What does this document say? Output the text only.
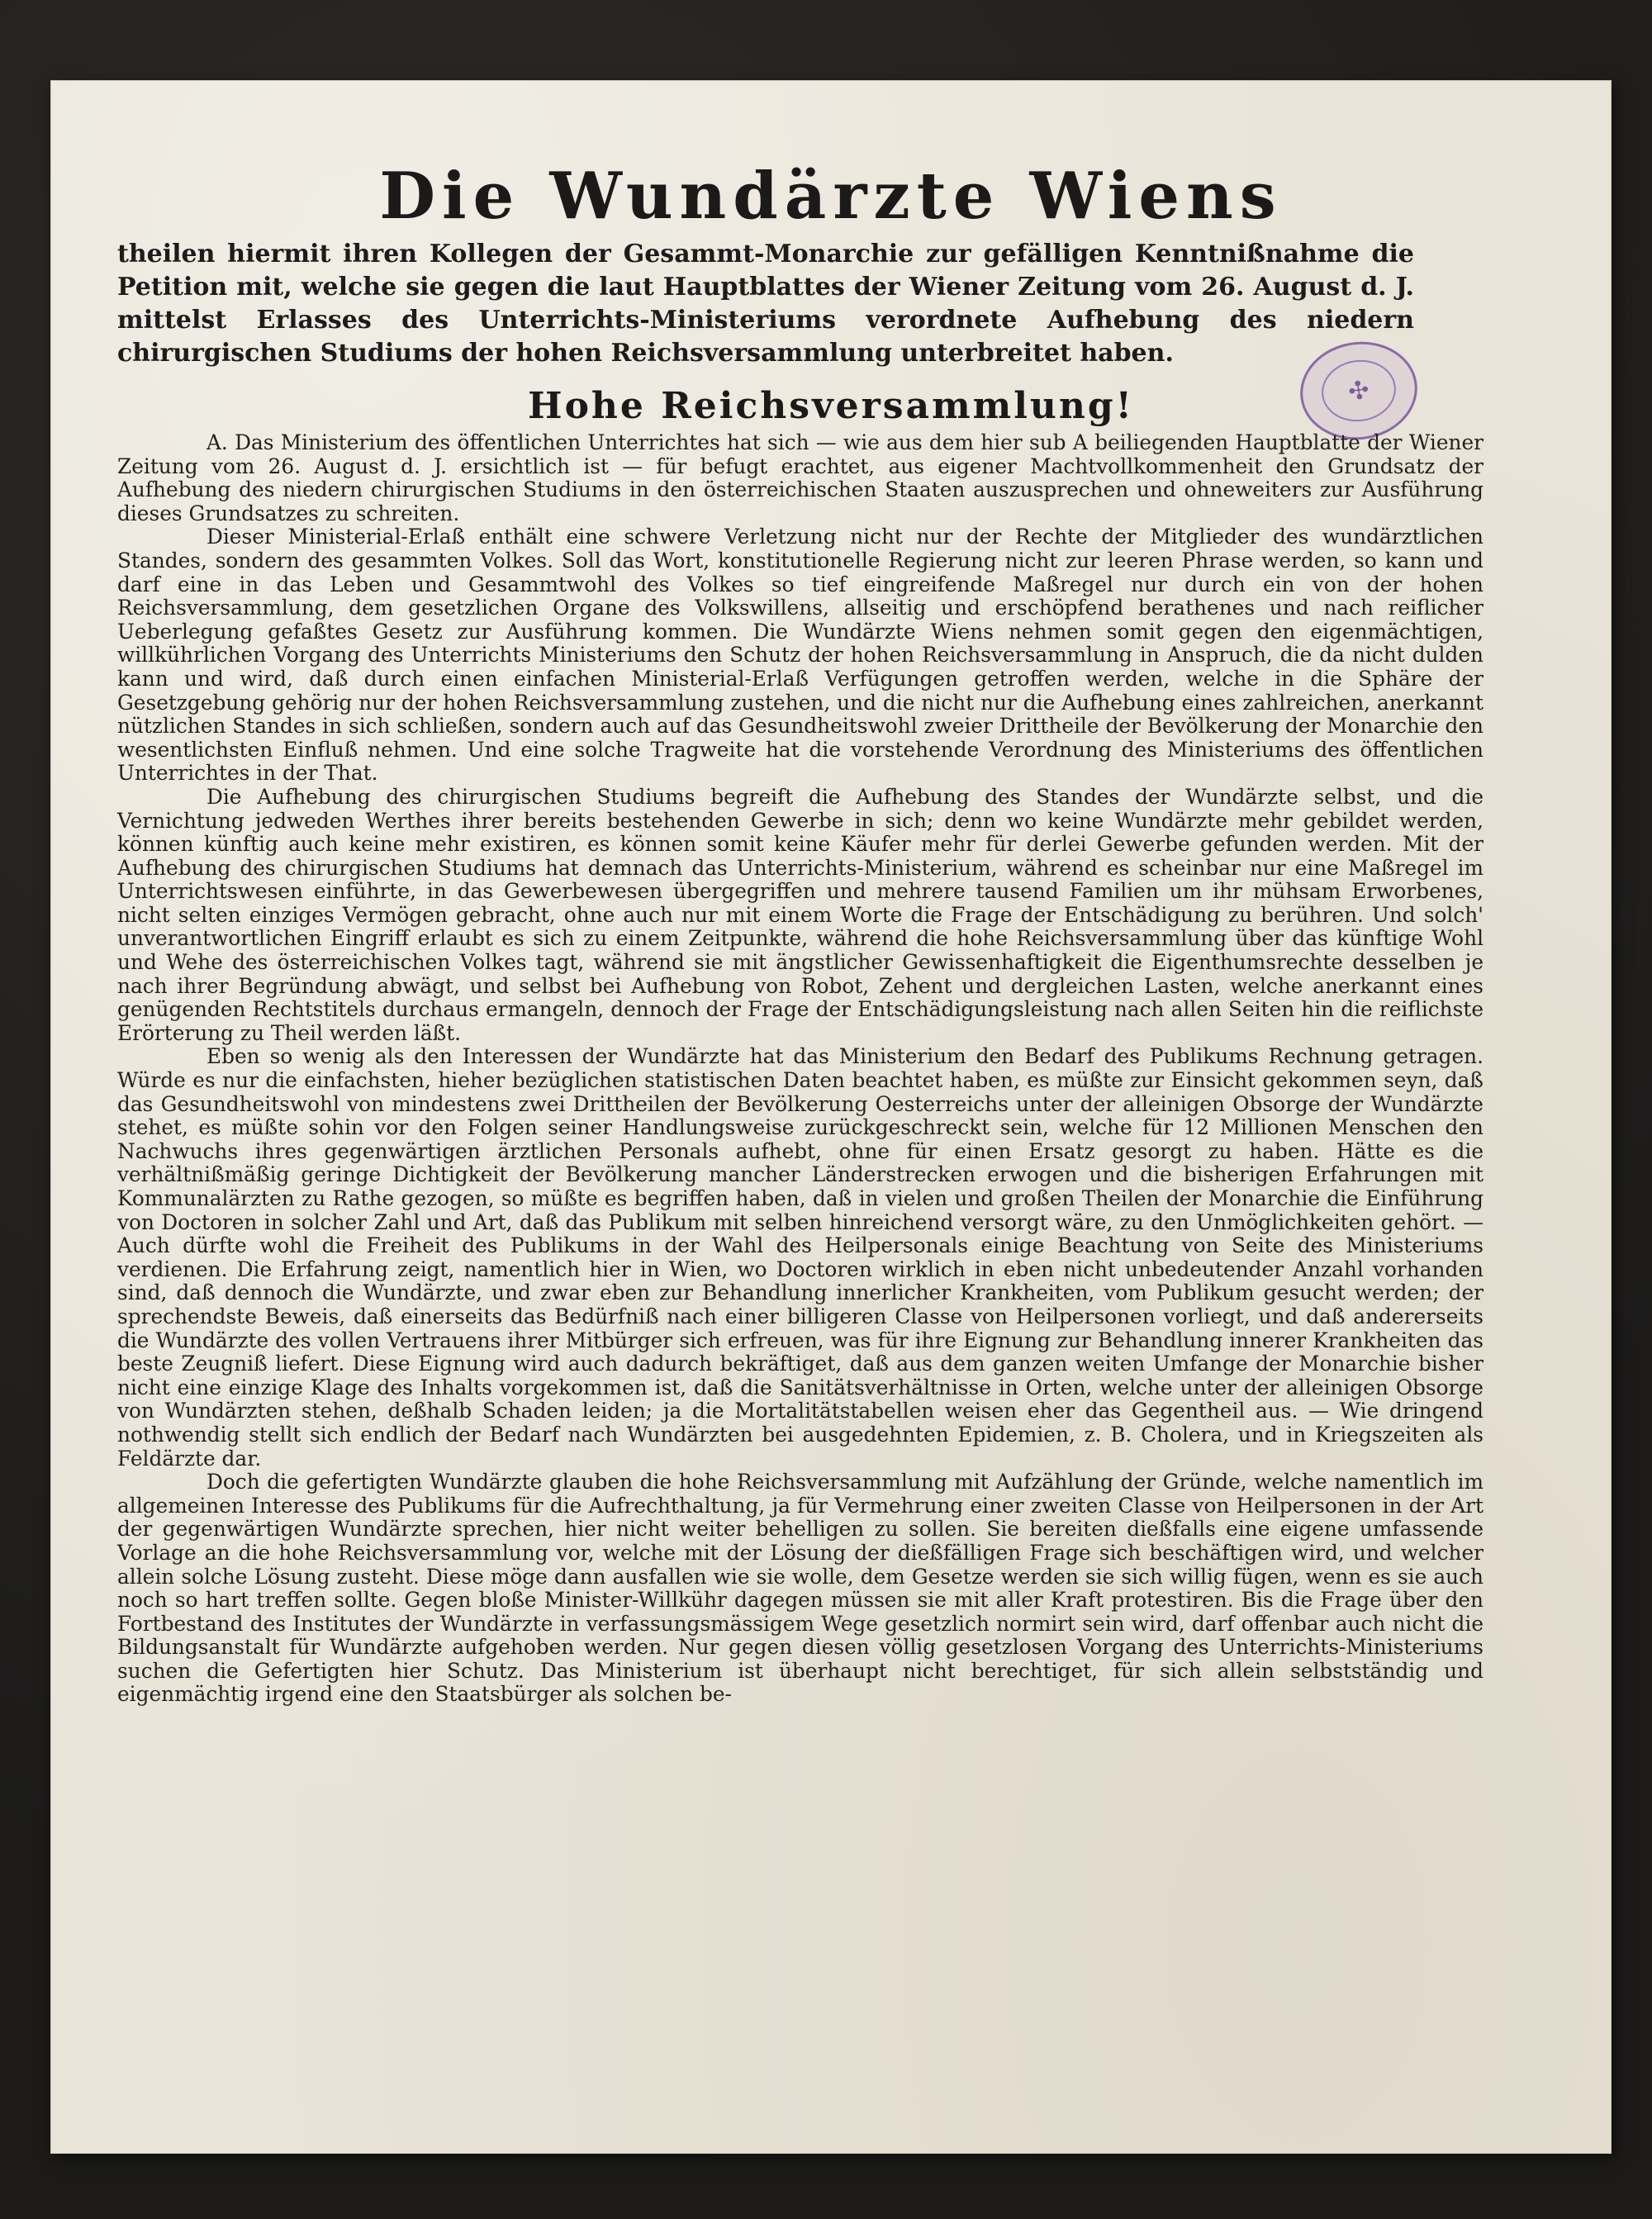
✣
Die Wundärzte Wiens

theilen hiermit ihren Kollegen der Gesammt-Monarchie zur gefälligen Kenntnißnahme die Petition mit, welche sie gegen die laut Hauptblattes der Wiener Zeitung vom 26. August d. J. mittelst Erlasses des Unterrichts-Ministeriums verordnete Aufhebung des niedern chirurgischen Studiums der hohen Reichsversammlung unterbreitet haben.

Hohe Reichsversammlung!

A. Das Ministerium des öffentlichen Unterrichtes hat sich — wie aus dem hier sub A beiliegenden Hauptblatte der Wiener Zeitung vom 26. August d. J. ersichtlich ist — für befugt erachtet, aus eigener Machtvollkommenheit den Grundsatz der Aufhebung des niedern chirurgischen Studiums in den österreichischen Staaten auszusprechen und ohneweiters zur Ausführung dieses Grundsatzes zu schreiten.

Dieser Ministerial-Erlaß enthält eine schwere Verletzung nicht nur der Rechte der Mitglieder des wundärztlichen Standes, sondern des gesammten Volkes. Soll das Wort, konstitutionelle Regierung nicht zur leeren Phrase werden, so kann und darf eine in das Leben und Gesammtwohl des Volkes so tief eingreifende Maßregel nur durch ein von der hohen Reichsversammlung, dem gesetzlichen Organe des Volkswillens, allseitig und erschöpfend berathenes und nach reiflicher Ueberlegung gefaßtes Gesetz zur Ausführung kommen. Die Wundärzte Wiens nehmen somit gegen den eigenmächtigen, willkührlichen Vorgang des Unterrichts Ministeriums den Schutz der hohen Reichsversammlung in Anspruch, die da nicht dulden kann und wird, daß durch einen einfachen Ministerial-Erlaß Verfügungen getroffen werden, welche in die Sphäre der Gesetzgebung gehörig nur der hohen Reichsversammlung zustehen, und die nicht nur die Aufhebung eines zahlreichen, anerkannt nützlichen Standes in sich schließen, sondern auch auf das Gesundheitswohl zweier Drittheile der Bevölkerung der Monarchie den wesentlichsten Einfluß nehmen. Und eine solche Tragweite hat die vorstehende Verordnung des Ministeriums des öffentlichen Unterrichtes in der That.

Die Aufhebung des chirurgischen Studiums begreift die Aufhebung des Standes der Wundärzte selbst, und die Vernichtung jedweden Werthes ihrer bereits bestehenden Gewerbe in sich; denn wo keine Wundärzte mehr gebildet werden, können künftig auch keine mehr existiren, es können somit keine Käufer mehr für derlei Gewerbe gefunden werden. Mit der Aufhebung des chirurgischen Studiums hat demnach das Unterrichts-Ministerium, während es scheinbar nur eine Maßregel im Unterrichtswesen einführte, in das Gewerbewesen übergegriffen und mehrere tausend Familien um ihr mühsam Erworbenes, nicht selten einziges Vermögen gebracht, ohne auch nur mit einem Worte die Frage der Entschädigung zu berühren. Und solch' unverantwortlichen Eingriff erlaubt es sich zu einem Zeitpunkte, während die hohe Reichsversammlung über das künftige Wohl und Wehe des österreichischen Volkes tagt, während sie mit ängstlicher Gewissenhaftigkeit die Eigenthumsrechte desselben je nach ihrer Begründung abwägt, und selbst bei Aufhebung von Robot, Zehent und dergleichen Lasten, welche anerkannt eines genügenden Rechtstitels durchaus ermangeln, dennoch der Frage der Entschädigungsleistung nach allen Seiten hin die reiflichste Erörterung zu Theil werden läßt.

Eben so wenig als den Interessen der Wundärzte hat das Ministerium den Bedarf des Publikums Rechnung getragen. Würde es nur die einfachsten, hieher bezüglichen statistischen Daten beachtet haben, es müßte zur Einsicht gekommen seyn, daß das Gesundheitswohl von mindestens zwei Drittheilen der Bevölkerung Oesterreichs unter der alleinigen Obsorge der Wundärzte stehet, es müßte sohin vor den Folgen seiner Handlungsweise zurückgeschreckt sein, welche für 12 Millionen Menschen den Nachwuchs ihres gegenwärtigen ärztlichen Personals aufhebt, ohne für einen Ersatz gesorgt zu haben. Hätte es die verhältnißmäßig geringe Dichtigkeit der Bevölkerung mancher Länderstrecken erwogen und die bisherigen Erfahrungen mit Kommunalärzten zu Rathe gezogen, so müßte es begriffen haben, daß in vielen und großen Theilen der Monarchie die Einführung von Doctoren in solcher Zahl und Art, daß das Publikum mit selben hinreichend versorgt wäre, zu den Unmöglichkeiten gehört. — Auch dürfte wohl die Freiheit des Publikums in der Wahl des Heilpersonals einige Beachtung von Seite des Ministeriums verdienen. Die Erfahrung zeigt, namentlich hier in Wien, wo Doctoren wirklich in eben nicht unbedeutender Anzahl vorhanden sind, daß dennoch die Wundärzte, und zwar eben zur Behandlung innerlicher Krankheiten, vom Publikum gesucht werden; der sprechendste Beweis, daß einerseits das Bedürfniß nach einer billigeren Classe von Heilpersonen vorliegt, und daß andererseits die Wundärzte des vollen Vertrauens ihrer Mitbürger sich erfreuen, was für ihre Eignung zur Behandlung innerer Krankheiten das beste Zeugniß liefert. Diese Eignung wird auch dadurch bekräftiget, daß aus dem ganzen weiten Umfange der Monarchie bisher nicht eine einzige Klage des Inhalts vorgekommen ist, daß die Sanitätsverhältnisse in Orten, welche unter der alleinigen Obsorge von Wundärzten stehen, deßhalb Schaden leiden; ja die Mortalitätstabellen weisen eher das Gegentheil aus. — Wie dringend nothwendig stellt sich endlich der Bedarf nach Wundärzten bei ausgedehnten Epidemien, z. B. Cholera, und in Kriegszeiten als Feldärzte dar.

Doch die gefertigten Wundärzte glauben die hohe Reichsversammlung mit Aufzählung der Gründe, welche namentlich im allgemeinen Interesse des Publikums für die Aufrechthaltung, ja für Vermehrung einer zweiten Classe von Heilpersonen in der Art der gegenwärtigen Wundärzte sprechen, hier nicht weiter behelligen zu sollen. Sie bereiten dießfalls eine eigene umfassende Vorlage an die hohe Reichsversammlung vor, welche mit der Lösung der dießfälligen Frage sich beschäftigen wird, und welcher allein solche Lösung zusteht. Diese möge dann ausfallen wie sie wolle, dem Gesetze werden sie sich willig fügen, wenn es sie auch noch so hart treffen sollte. Gegen bloße Minister-Willkühr dagegen müssen sie mit aller Kraft protestiren. Bis die Frage über den Fortbestand des Institutes der Wundärzte in verfassungsmässigem Wege gesetzlich normirt sein wird, darf offenbar auch nicht die Bildungsanstalt für Wundärzte aufgehoben werden. Nur gegen diesen völlig gesetzlosen Vorgang des Unterrichts-Ministeriums suchen die Gefertigten hier Schutz. Das Ministerium ist überhaupt nicht berechtiget, für sich allein selbstständig und eigenmächtig irgend eine den Staatsbürger als solchen be-
